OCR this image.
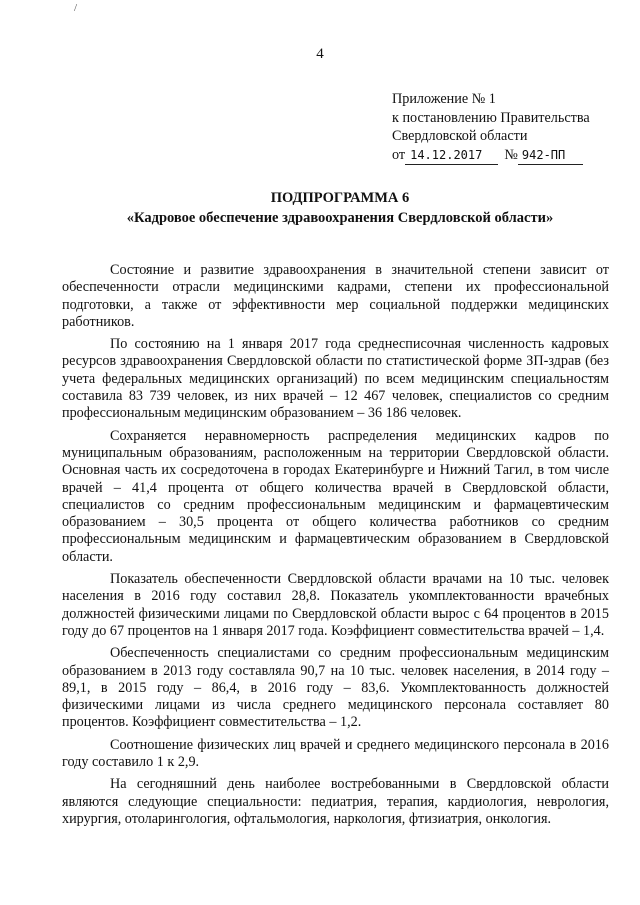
/
4
Приложение № 1
к постановлению Правительства
Свердловской области
от 14.12.2017	№ 942-ПП
ПОДПРОГРАММА 6
«Кадровое обеспечение здравоохранения Свердловской области»

Состояние и развитие здравоохранения в значительной степени зависит от обеспеченности отрасли медицинскими кадрами, степени их профессиональной подготовки, а также от эффективности мер социальной поддержки медицинских работников.

По состоянию на 1 января 2017 года среднесписочная численность кадровых ресурсов здравоохранения Свердловской области по статистической форме ЗП-здрав (без учета федеральных медицинских организаций) по всем медицинским специальностям составила 83 739 человек, из них врачей – 12 467 человек, специалистов со средним профессиональным медицинским образованием – 36 186 человек.

Сохраняется неравномерность распределения медицинских кадров по муниципальным образованиям, расположенным на территории Свердловской области. Основная часть их сосредоточена в городах Екатеринбурге и Нижний Тагил, в том числе врачей – 41,4 процента от общего количества врачей в Свердловской области, специалистов со средним профессиональным медицинским и фармацевтическим образованием – 30,5 процента от общего количества работников со средним профессиональным медицинским и фармацевтическим образованием в Свердловской области.

Показатель обеспеченности Свердловской области врачами на 10 тыс. человек населения в 2016 году составил 28,8. Показатель укомплектованности врачебных должностей физическими лицами по Свердловской области вырос с 64 процентов в 2015 году до 67 процентов на 1 января 2017 года. Коэффициент совместительства врачей – 1,4.

Обеспеченность специалистами со средним профессиональным медицинским образованием в 2013 году составляла 90,7 на 10 тыс. человек населения, в 2014 году – 89,1, в 2015 году – 86,4, в 2016 году – 83,6. Укомплектованность должностей физическими лицами из числа среднего медицинского персонала составляет 80 процентов. Коэффициент совместительства – 1,2.

Соотношение физических лиц врачей и среднего медицинского персонала в 2016 году составило 1 к 2,9.

На сегодняшний день наиболее востребованными в Свердловской области являются следующие специальности: педиатрия, терапия, кардиология, неврология, хирургия, отоларингология, офтальмология, наркология, фтизиатрия, онкология.
